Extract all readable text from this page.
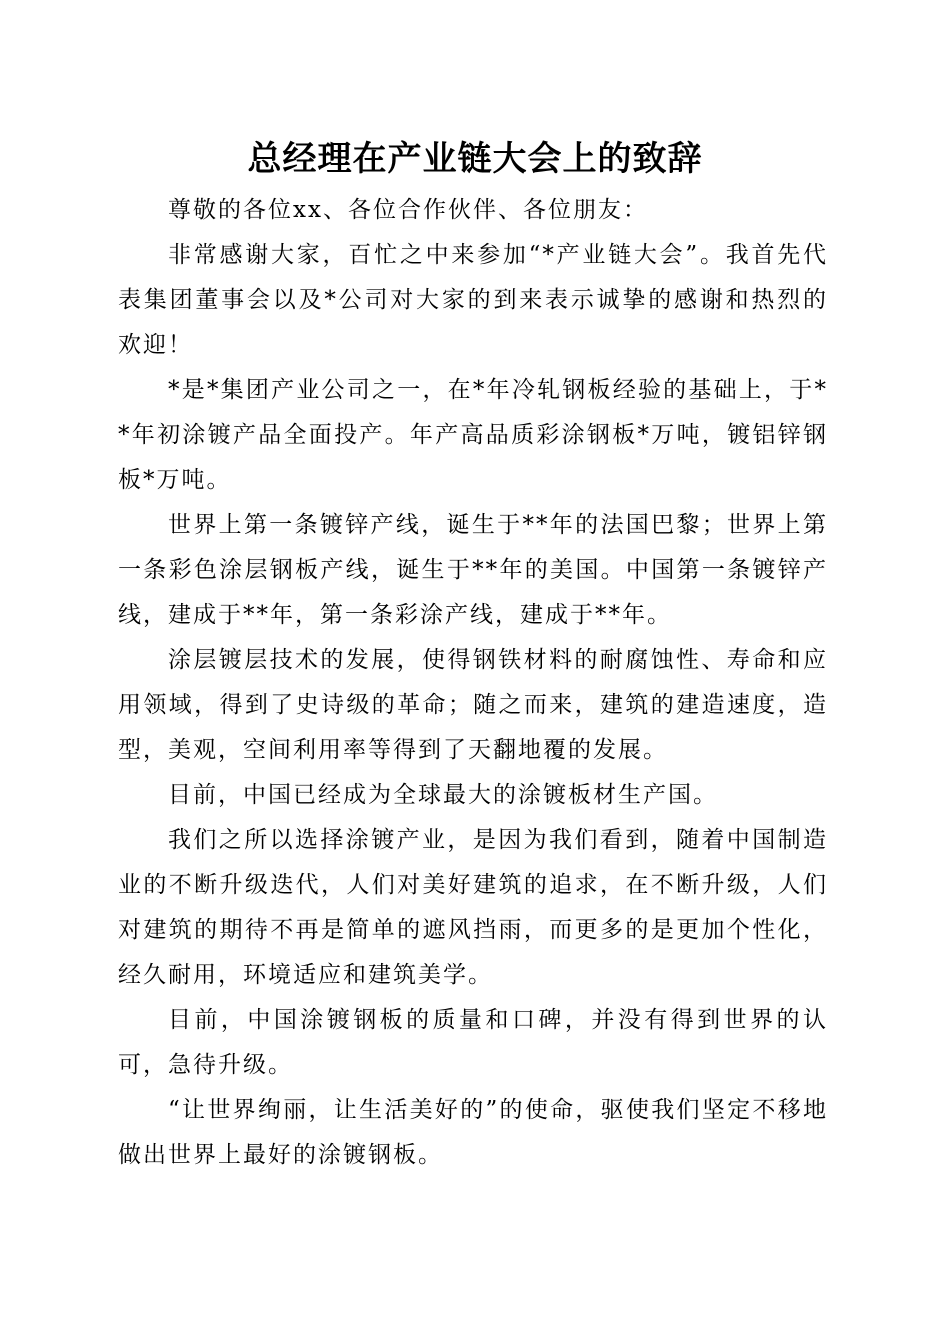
总经理在产业链大会上的致辞

尊敬的各位xx、各位合作伙伴、各位朋友：

非常感谢大家，百忙之中来参加“*产业链大会”。我首先代表集团董事会以及*公司对大家的到来表示诚挚的感谢和热烈的欢迎！

*是*集团产业公司之一，在*年冷轧钢板经验的基础上，于**年初涂镀产品全面投产。年产高品质彩涂钢板*万吨，镀铝锌钢板*万吨。

世界上第一条镀锌产线，诞生于**年的法国巴黎；世界上第一条彩色涂层钢板产线，诞生于**年的美国。中国第一条镀锌产线，建成于**年，第一条彩涂产线，建成于**年。

涂层镀层技术的发展，使得钢铁材料的耐腐蚀性、寿命和应用领域，得到了史诗级的革命；随之而来，建筑的建造速度，造型，美观，空间利用率等得到了天翻地覆的发展。

目前，中国已经成为全球最大的涂镀板材生产国。

我们之所以选择涂镀产业，是因为我们看到，随着中国制造业的不断升级迭代，人们对美好建筑的追求，在不断升级，人们对建筑的期待不再是简单的遮风挡雨，而更多的是更加个性化，经久耐用，环境适应和建筑美学。

目前，中国涂镀钢板的质量和口碑，并没有得到世界的认可，急待升级。

“让世界绚丽，让生活美好的”的使命，驱使我们坚定不移地做出世界上最好的涂镀钢板。
